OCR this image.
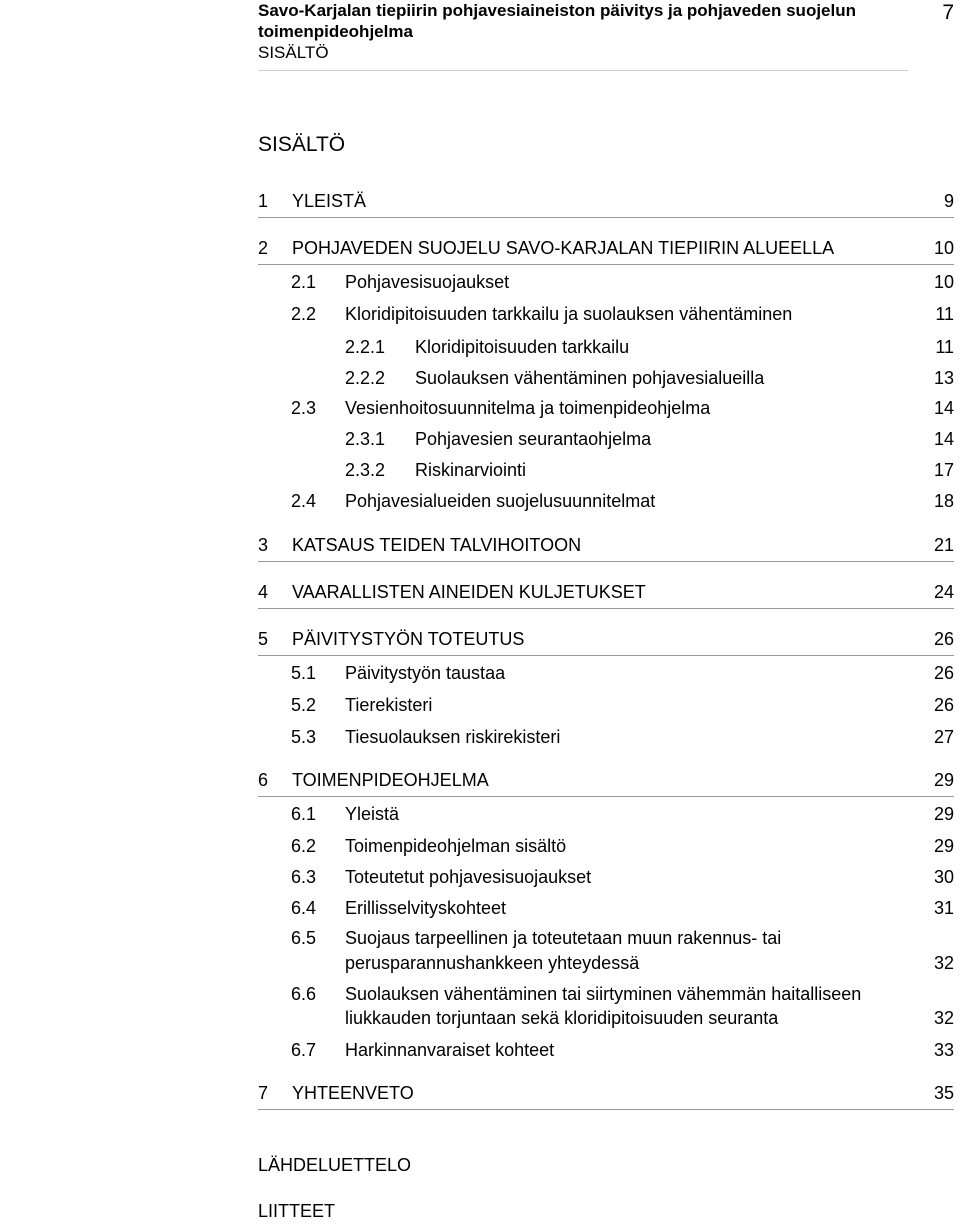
Savo-Karjalan tiepiirin pohjavesiaineiston päivitys ja pohjaveden suojelun toimenpideohjelma
SISÄLTÖ
7
SISÄLTÖ
1 YLEISTÄ	9
2 POHJAVEDEN SUOJELU SAVO-KARJALAN TIEPIIRIN ALUEELLA	10
2.1 Pohjavesisuojaukset	10
2.2 Kloridipitoisuuden tarkkailu ja suolauksen vähentäminen	11
2.2.1 Kloridipitoisuuden tarkkailu	11
2.2.2 Suolauksen vähentäminen pohjavesialueilla	13
2.3 Vesienhoitosuunnitelma ja toimenpideohjelma	14
2.3.1 Pohjavesien seurantaohjelma	14
2.3.2 Riskinarviointi	17
2.4 Pohjavesialueiden suojelusuunnitelmat	18
3 KATSAUS TEIDEN TALVIHOITOON	21
4 VAARALLISTEN AINEIDEN KULJETUKSET	24
5 PÄIVITYSTYÖN TOTEUTUS	26
5.1 Päivitystyön taustaa	26
5.2 Tierekisteri	26
5.3 Tiesuolauksen riskirekisteri	27
6 TOIMENPIDEOHJELMA	29
6.1 Yleistä	29
6.2 Toimenpideohjelman sisältö	29
6.3 Toteutetut pohjavesisuojaukset	30
6.4 Erillisselvityskohteet	31
6.5 Suojaus tarpeellinen ja toteutetaan muun rakennus- tai
perusparannushankkeen yhteydessä	32
6.6 Suolauksen vähentäminen tai siirtyminen vähemmän haitalliseen
liukkauden torjuntaan sekä kloridipitoisuuden seuranta	32
6.7 Harkinnanvaraiset kohteet	33
7 YHTEENVETO	35
LÄHDELUETTELO
LIITTEET
